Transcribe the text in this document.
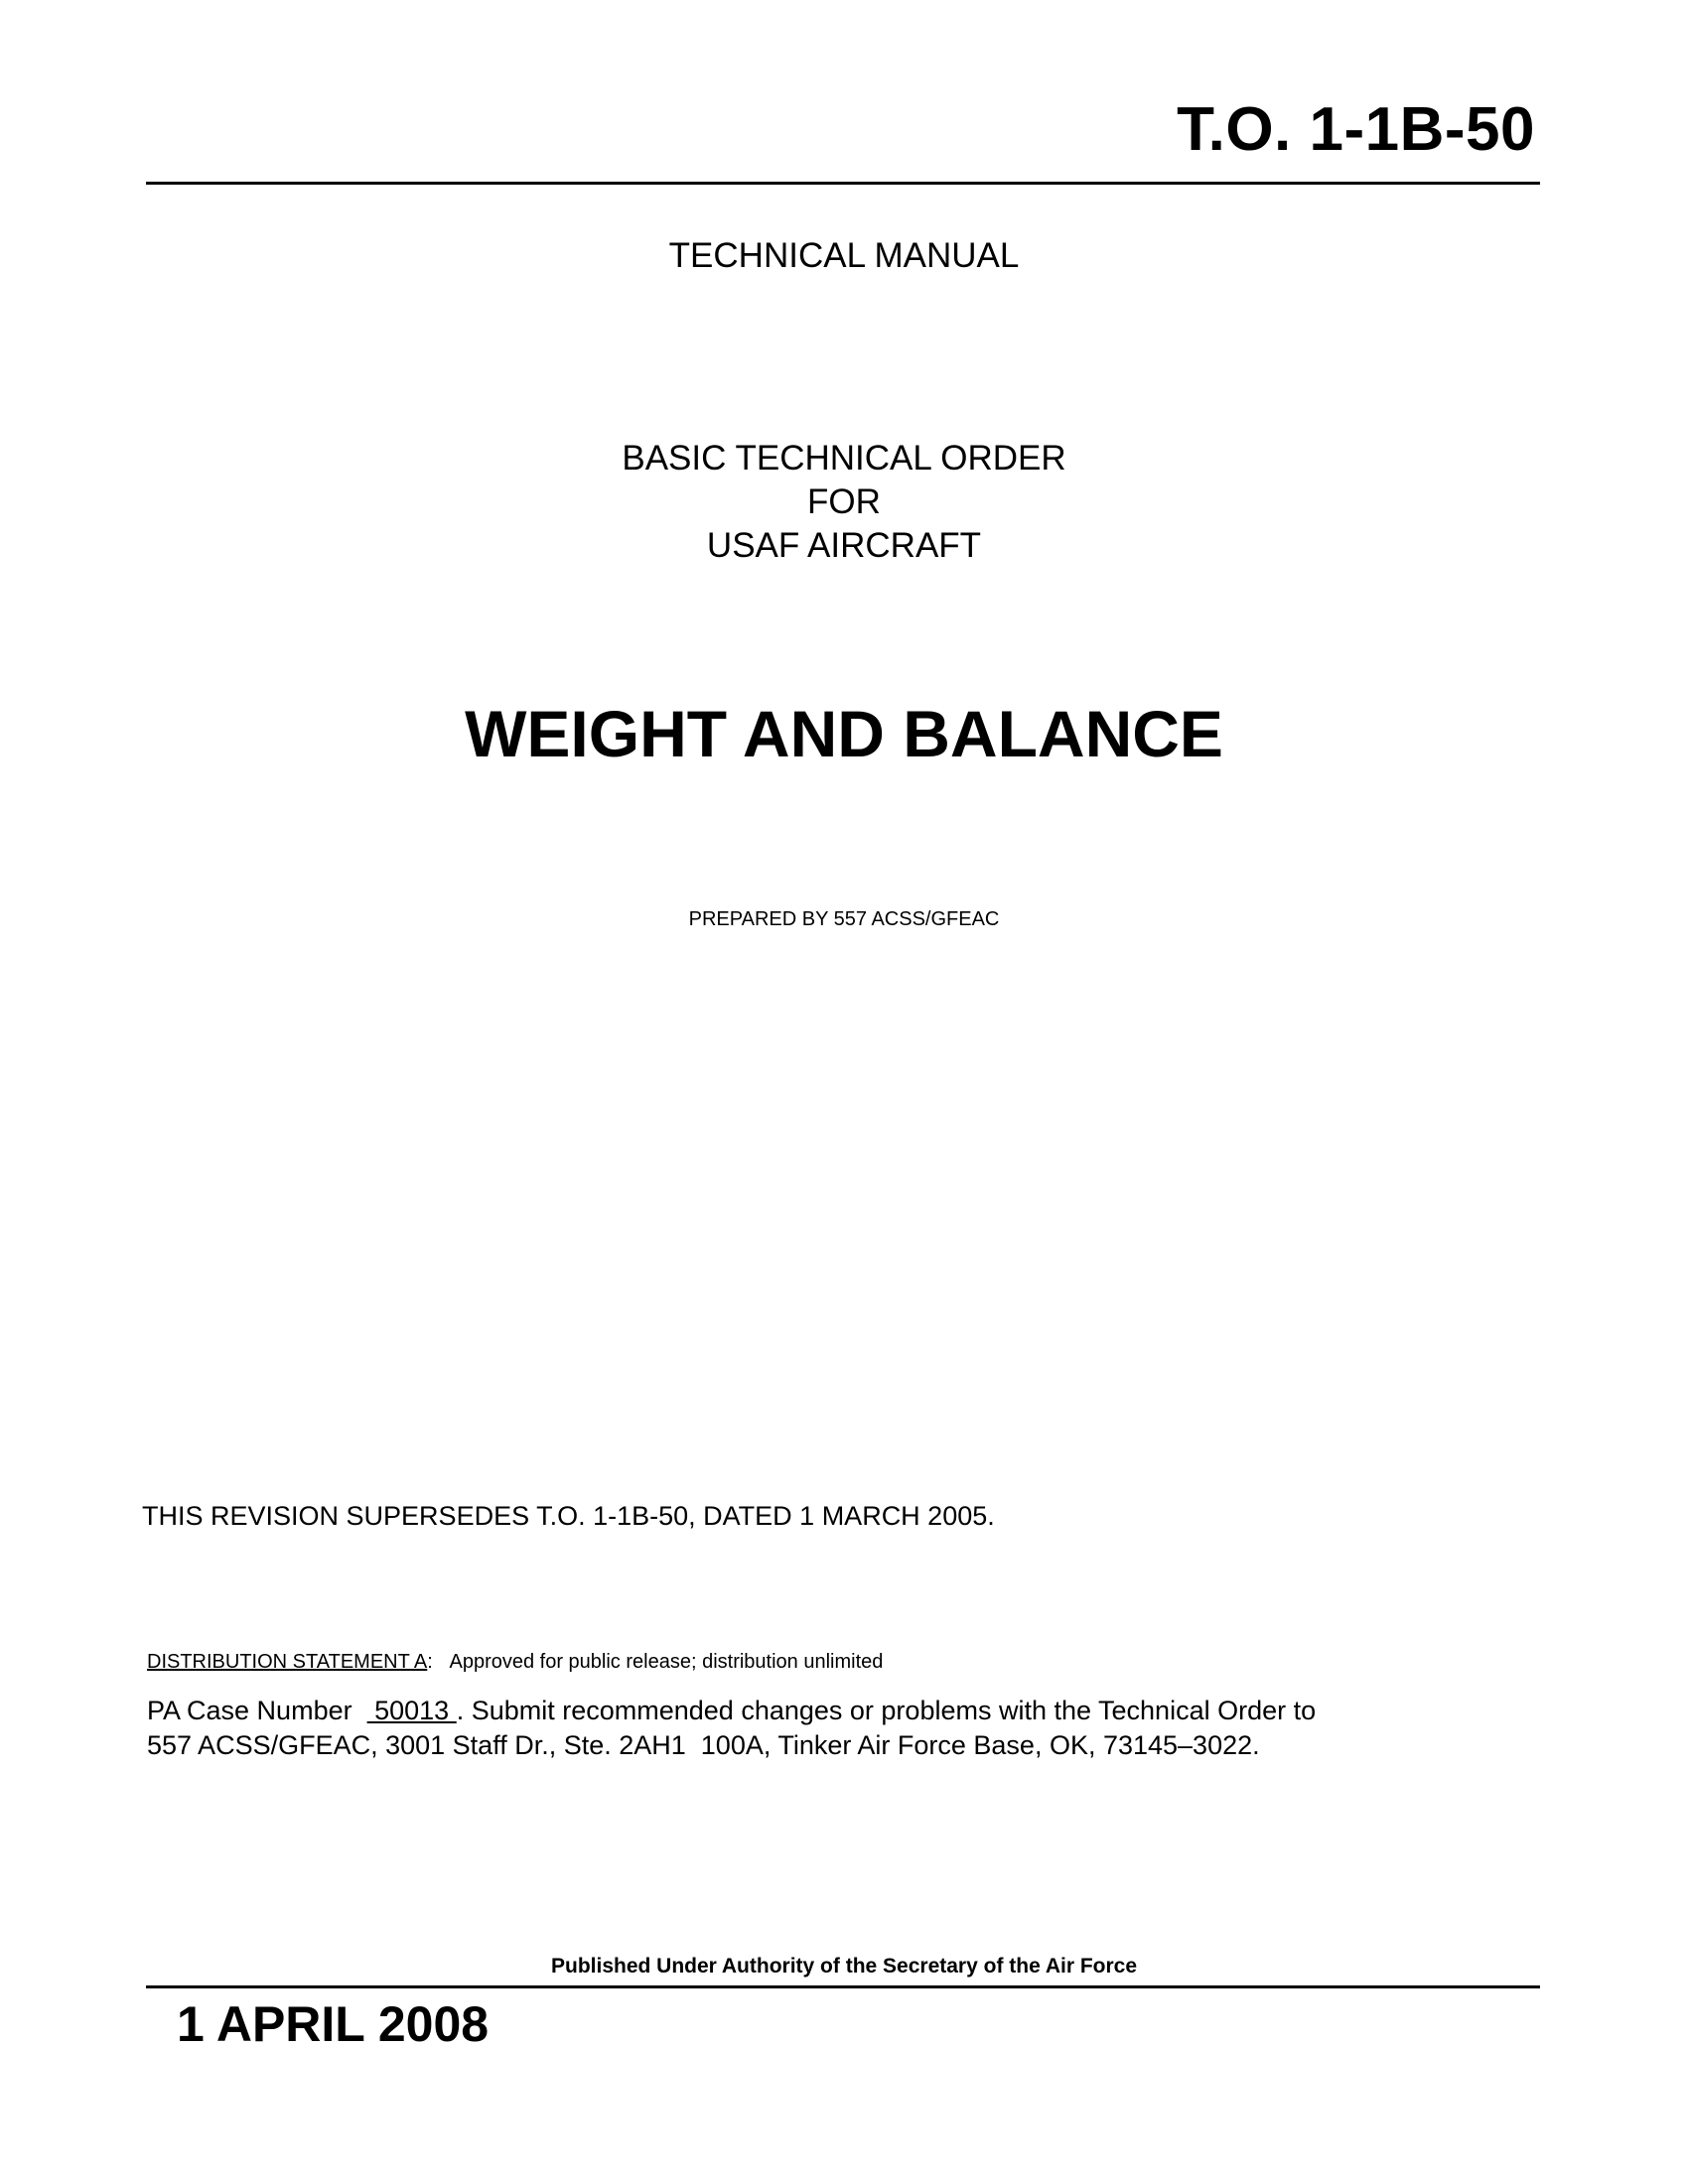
T.O. 1-1B-50
TECHNICAL MANUAL
BASIC TECHNICAL ORDER
FOR
USAF AIRCRAFT
WEIGHT AND BALANCE
PREPARED BY 557 ACSS/GFEAC
THIS REVISION SUPERSEDES T.O. 1-1B-50, DATED 1 MARCH 2005.
DISTRIBUTION STATEMENT A: Approved for public release; distribution unlimited
PA Case Number   50013 . Submit recommended changes or problems with the Technical Order to
557 ACSS/GFEAC, 3001 Staff Dr., Ste. 2AH1  100A, Tinker Air Force Base, OK, 73145–3022.
Published Under Authority of the Secretary of the Air Force
1 APRIL 2008
